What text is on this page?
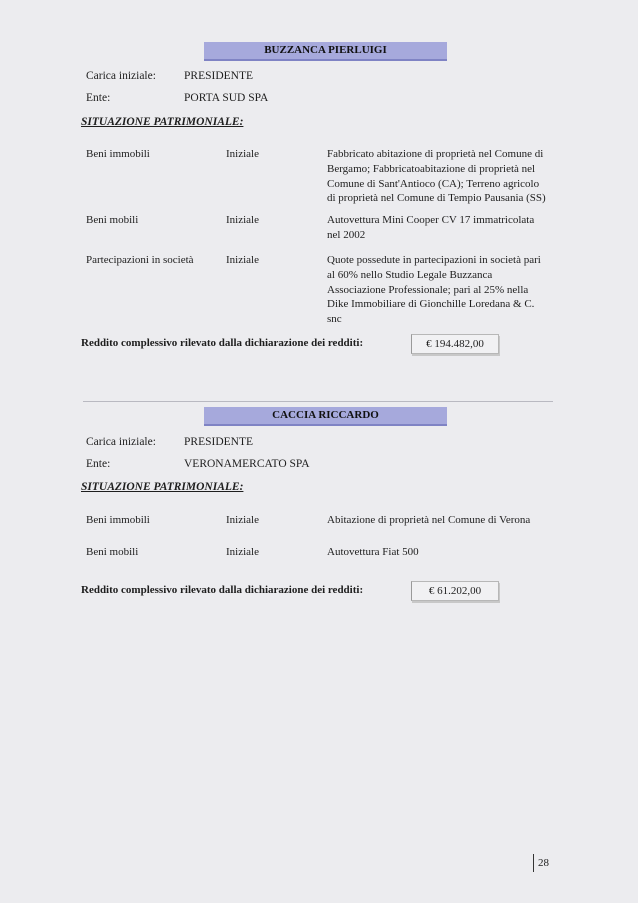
BUZZANCA PIERLUIGI
Carica iniziale: PRESIDENTE
Ente:	PORTA SUD SPA
SITUAZIONE PATRIMONIALE:
Beni immobili	Iniziale	Fabbricato abitazione di proprietà nel Comune di
Bergamo; Fabbricatoabitazione di proprietà nel
Comune di Sant'Antioco (CA); Terreno agricolo
di proprietà nel Comune di Tempio Pausania (SS)
Beni mobili	Iniziale	Autovettura Mini Cooper CV 17 immatricolata
nel 2002
Partecipazioni in società	Iniziale	Quote possedute in partecipazioni in società pari
al 60% nello Studio Legale Buzzanca
Associazione Professionale; pari al 25% nella
Dike Immobiliare di Gionchille Loredana & C.
snc
Reddito complessivo rilevato dalla dichiarazione dei redditi:	€ 194.482,00
CACCIA RICCARDO
Carica iniziale: PRESIDENTE
Ente:	VERONAMERCATO SPA
SITUAZIONE PATRIMONIALE:
Beni immobili	Iniziale	Abitazione di proprietà nel Comune di Verona
Beni mobili	Iniziale	Autovettura Fiat 500
Reddito complessivo rilevato dalla dichiarazione dei redditi:	€ 61.202,00
28
